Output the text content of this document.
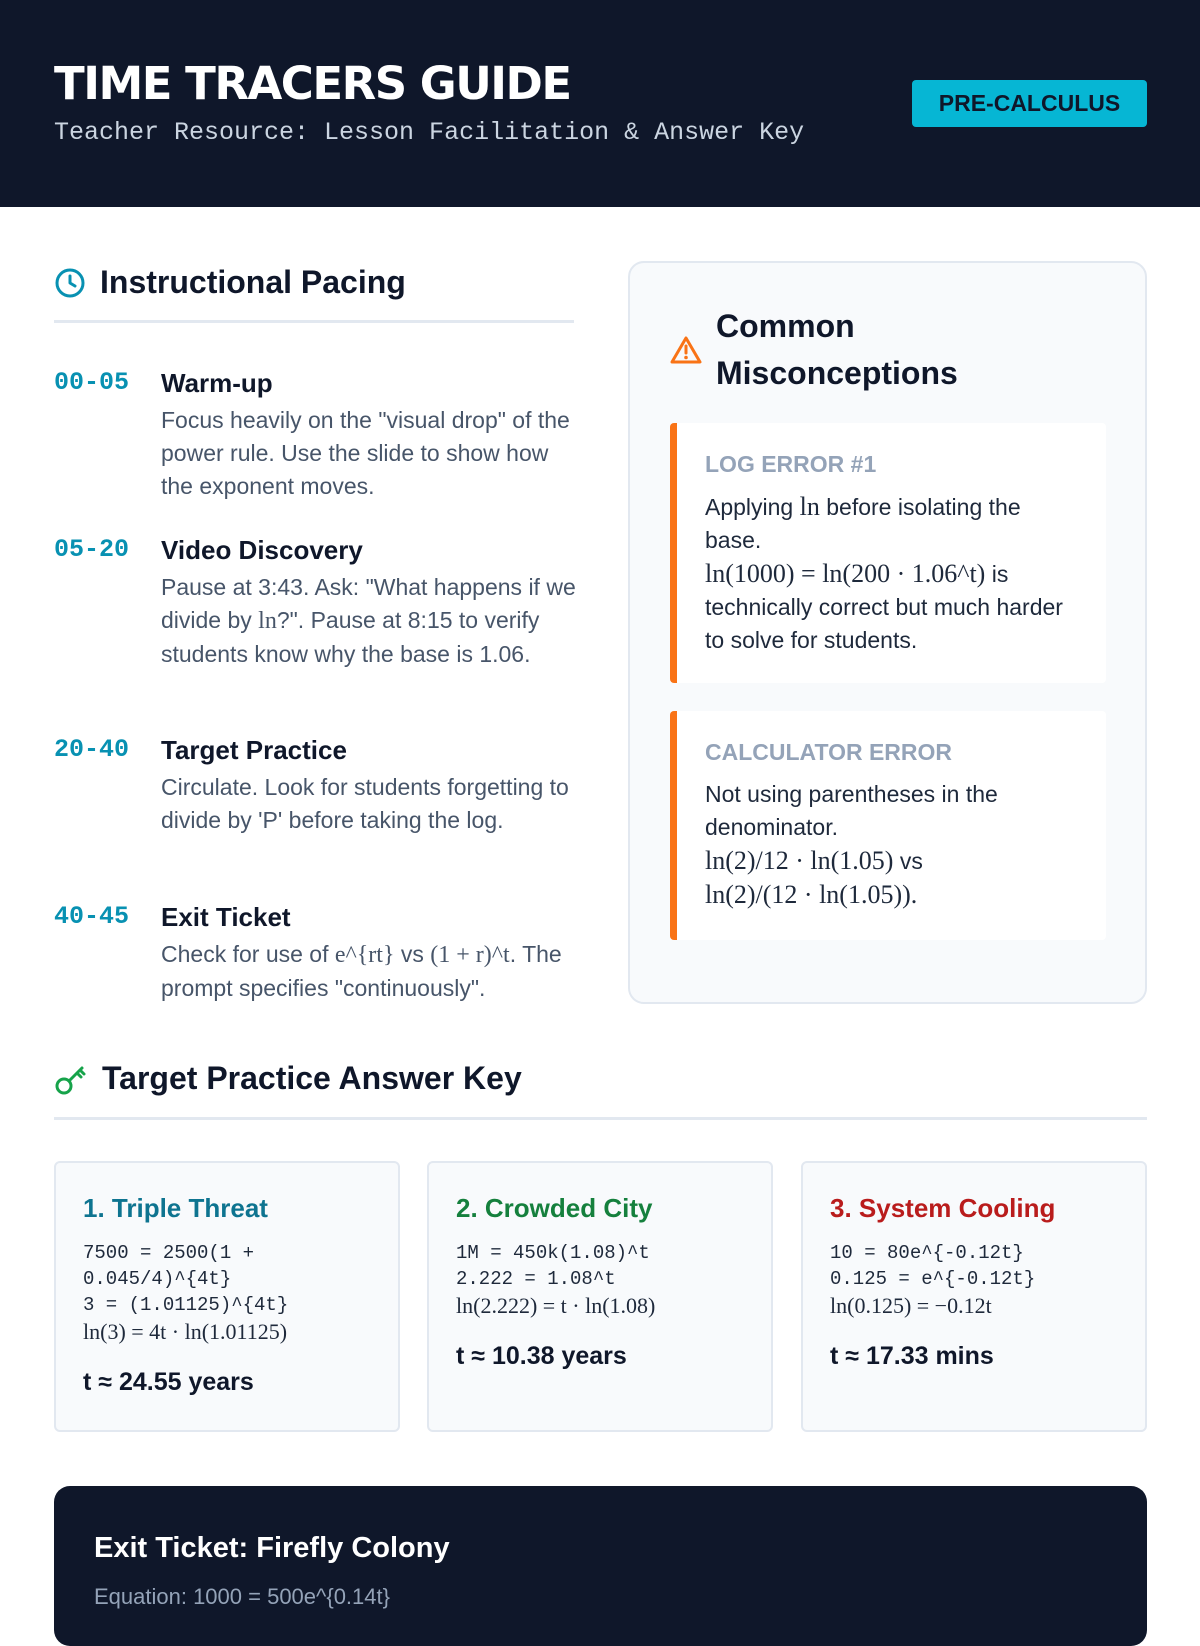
TIME TRACERS GUIDE
Teacher Resource: Lesson Facilitation & Answer Key
PRE-CALCULUS
Instructional Pacing
00-05 Warm-up
Focus heavily on the "visual drop" of the power rule. Use the slide to show how the exponent moves.
05-20 Video Discovery
Pause at 3:43. Ask: "What happens if we divide by ln?". Pause at 8:15 to verify students know why the base is 1.06.
20-40 Target Practice
Circulate. Look for students forgetting to divide by 'P' before taking the log.
40-45 Exit Ticket
Check for use of e^{rt} vs (1 + r)^t. The prompt specifies "continuously".
Common Misconceptions
LOG ERROR #1
Applying ln before isolating the base.
ln(1000) = ln(200 · 1.06^t) is technically correct but much harder to solve for students.
CALCULATOR ERROR
Not using parentheses in the denominator.
ln(2)/12 · ln(1.05) vs
ln(2)/(12 · ln(1.05)).
Target Practice Answer Key
1. Triple Threat
7500 = 2500(1 +
0.045/4)^{4t}
3 = (1.01125)^{4t}
ln(3) = 4t · ln(1.01125)
t ≈ 24.55 years
2. Crowded City
1M = 450k(1.08)^t
2.222 = 1.08^t
ln(2.222) = t · ln(1.08)
t ≈ 10.38 years
3. System Cooling
10 = 80e^{-0.12t}
0.125 = e^{-0.12t}
ln(0.125) = −0.12t
t ≈ 17.33 mins
Exit Ticket: Firefly Colony
Equation: 1000 = 500e^{0.14t}
